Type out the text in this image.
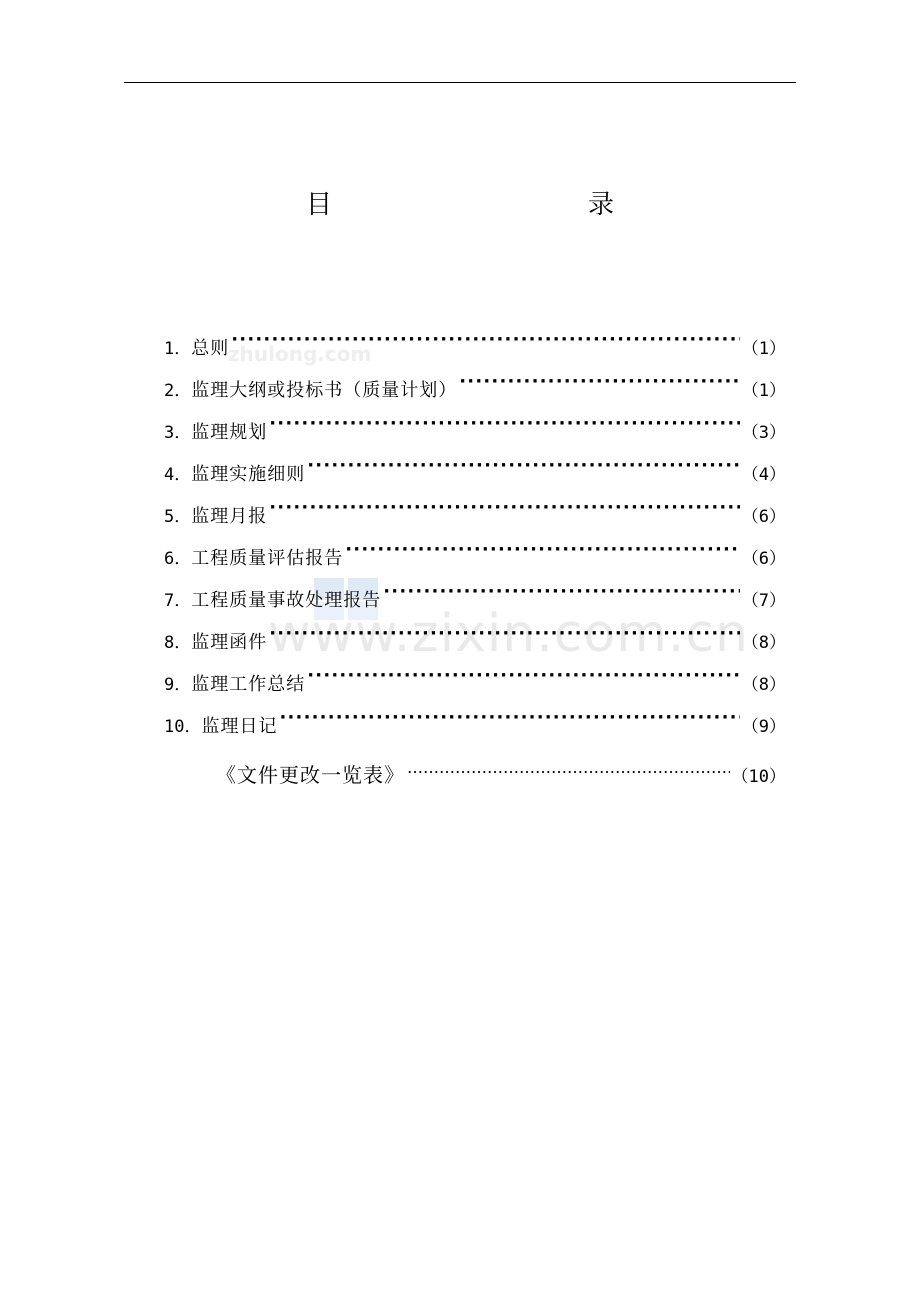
目　　录
zhulong.com
www.zixin.com.cn
1． 总则 ·····	（1）
2． 监理大纲或投标书（质量计划） ·····	（1）
3． 监理规划 ·····	（3）
4． 监理实施细则 ·····	（4）
5． 监理月报 ·····	（6）
6． 工程质量评估报告 ·····	（6）
7． 工程质量事故处理报告 ·····	（7）
8． 监理函件 ·····	（8）
9． 监理工作总结 ·····	（8）
10． 监理日记 ·····	（9）
《文件更改一览表》 ………………………………………………………………………………………………………………………………………………	（10）
